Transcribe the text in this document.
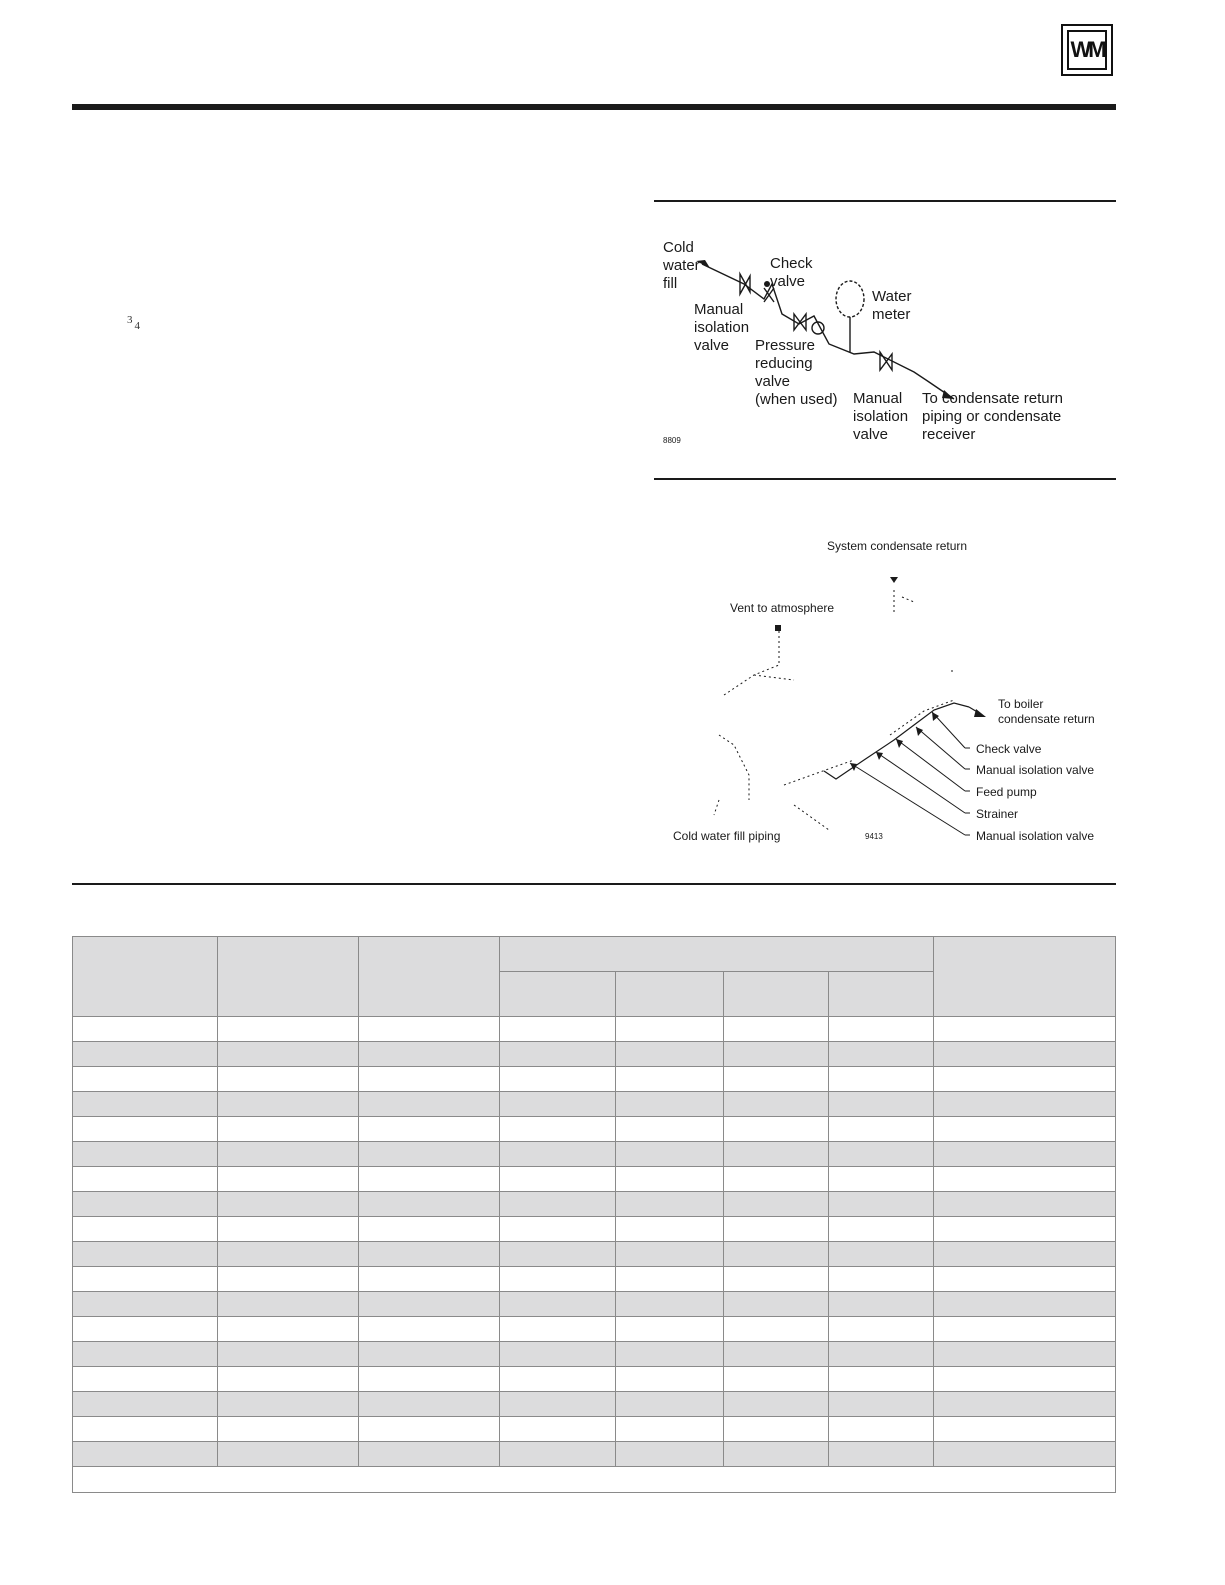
WM
3 4
Cold
water
fill
Check
valve
Water
meter
Manual
isolation
valve Pressure
reducing
valve
(when used) Manual
isolation
valve
To condensate return
piping or condensate
receiver
8809
System condensate return
Vent to atmosphere
To boiler
condensate return
Check valve
Manual isolation valve
Feed pump
Strainer
Manual isolation valve
Cold water fill piping	9413
